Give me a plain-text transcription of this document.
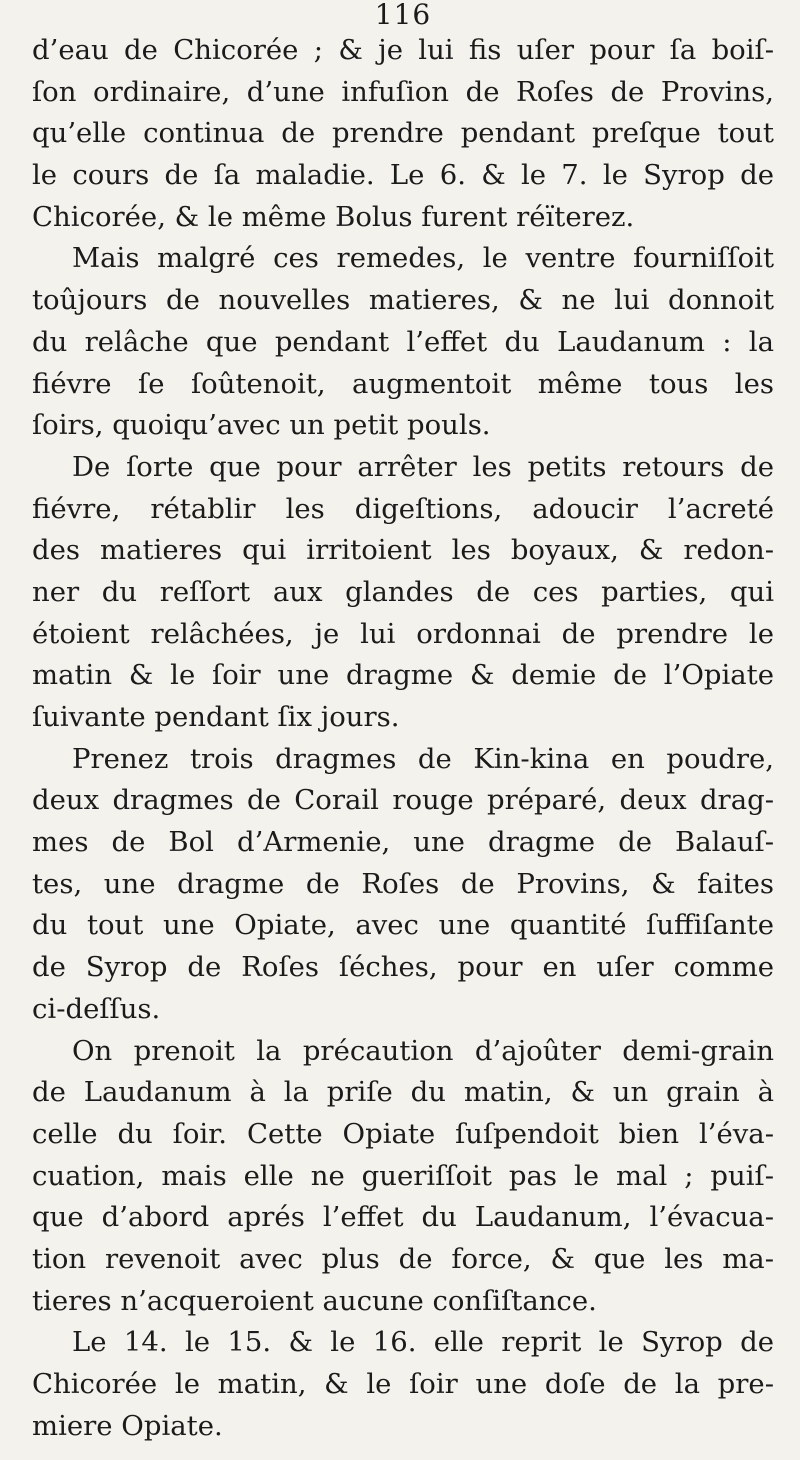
116
d’eau de Chicorée ; & je lui fis uſer pour ſa boiſ-
ſon ordinaire, d’une infuſion de Roſes de Provins,
qu’elle continua de prendre pendant preſque tout
le cours de ſa maladie. Le 6. & le 7. le Syrop de
Chicorée, & le même Bolus furent réïterez.
Mais malgré ces remedes, le ventre fourniſſoit
toûjours de nouvelles matieres, & ne lui donnoit
du relâche que pendant l’effet du Laudanum : la
fiévre ſe ſoûtenoit, augmentoit même tous les
ſoirs, quoiqu’avec un petit pouls.
De ſorte que pour arrêter les petits retours de
fiévre, rétablir les digeſtions, adoucir l’acreté
des matieres qui irritoient les boyaux, & redon-
ner du reſſort aux glandes de ces parties, qui
étoient relâchées, je lui ordonnai de prendre le
matin & le ſoir une dragme & demie de l’Opiate
ſuivante pendant ſix jours.
Prenez trois dragmes de Kin-kina en poudre,
deux dragmes de Corail rouge préparé, deux drag-
mes de Bol d’Armenie, une dragme de Balauſ-
tes, une dragme de Roſes de Provins, & faites
du tout une Opiate, avec une quantité ſuffiſante
de Syrop de Roſes ſéches, pour en uſer comme
ci-deſſus.
On prenoit la précaution d’ajoûter demi-grain
de Laudanum à la priſe du matin, & un grain à
celle du ſoir. Cette Opiate ſuſpendoit bien l’éva-
cuation, mais elle ne gueriſſoit pas le mal ; puiſ-
que d’abord aprés l’effet du Laudanum, l’évacua-
tion revenoit avec plus de force, & que les ma-
tieres n’acqueroient aucune conſiſtance.
Le 14. le 15. & le 16. elle reprit le Syrop de
Chicorée le matin, & le ſoir une doſe de la pre-
miere Opiate.
